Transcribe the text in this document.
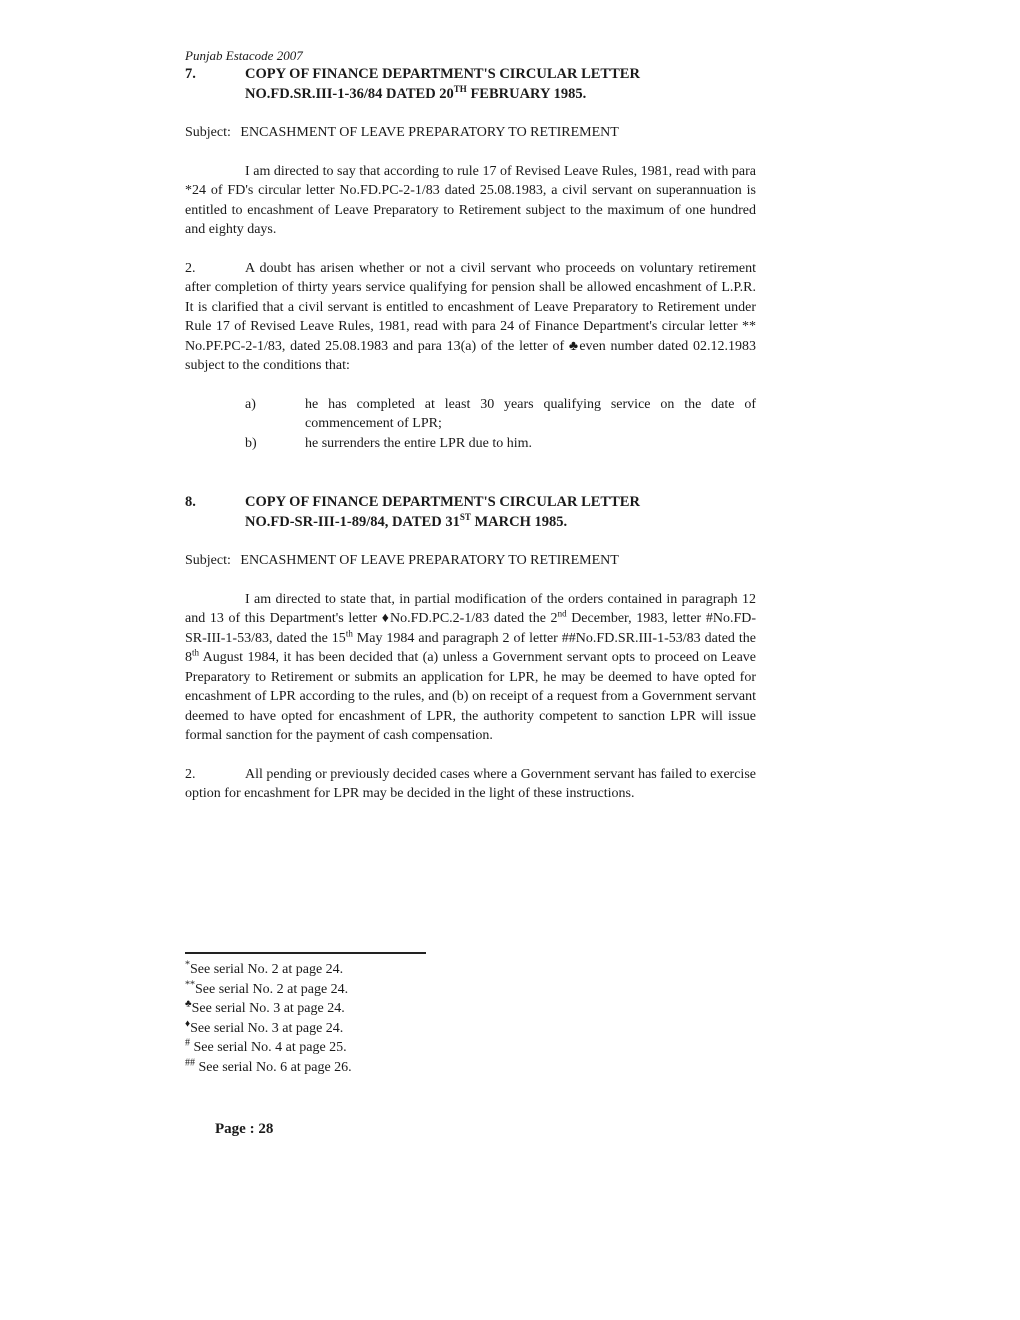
Punjab Estacode 2007
7.	COPY OF FINANCE DEPARTMENT'S CIRCULAR LETTER
NO.FD.SR.III-1-36/84 DATED 20TH FEBRUARY 1985.
Subject: ENCASHMENT OF LEAVE PREPARATORY TO RETIREMENT

I am directed to say that according to rule 17 of Revised Leave Rules, 1981, read with para *24 of FD's circular letter No.FD.PC-2-1/83 dated 25.08.1983, a civil servant on superannuation is entitled to encashment of Leave Preparatory to Retirement subject to the maximum of one hundred and eighty days.

2.	A doubt has arisen whether or not a civil servant who proceeds on voluntary retirement after completion of thirty years service qualifying for pension shall be allowed encashment of L.P.R. It is clarified that a civil servant is entitled to encashment of Leave Preparatory to Retirement under Rule 17 of Revised Leave Rules, 1981, read with para 24 of Finance Department's circular letter ** No.PF.PC-2-1/83, dated 25.08.1983 and para 13(a) of the letter of ♣even number dated 02.12.1983 subject to the conditions that:

a)	he has completed at least 30 years qualifying service on the date of commencement of LPR;
b)	he surrenders the entire LPR due to him.
8.	COPY OF FINANCE DEPARTMENT'S CIRCULAR LETTER
NO.FD-SR-III-1-89/84, DATED 31ST MARCH 1985.
Subject: ENCASHMENT OF LEAVE PREPARATORY TO RETIREMENT

I am directed to state that, in partial modification of the orders contained in paragraph 12 and 13 of this Department's letter ♦No.FD.PC.2-1/83 dated the 2nd December, 1983, letter #No.FD-SR-III-1-53/83, dated the 15th May 1984 and paragraph 2 of letter ##No.FD.SR.III-1-53/83 dated the 8th August 1984, it has been decided that (a) unless a Government servant opts to proceed on Leave Preparatory to Retirement or submits an application for LPR, he may be deemed to have opted for encashment of LPR according to the rules, and (b) on receipt of a request from a Government servant deemed to have opted for encashment of LPR, the authority competent to sanction LPR will issue formal sanction for the payment of cash compensation.

2.	All pending or previously decided cases where a Government servant has failed to exercise option for encashment for LPR may be decided in the light of these instructions.

*See serial No. 2 at page 24.
**See serial No. 2 at page 24.
♣See serial No. 3 at page 24.
♦See serial No. 3 at page 24.
# See serial No. 4 at page 25.
## See serial No. 6 at page 26.
Page : 28
